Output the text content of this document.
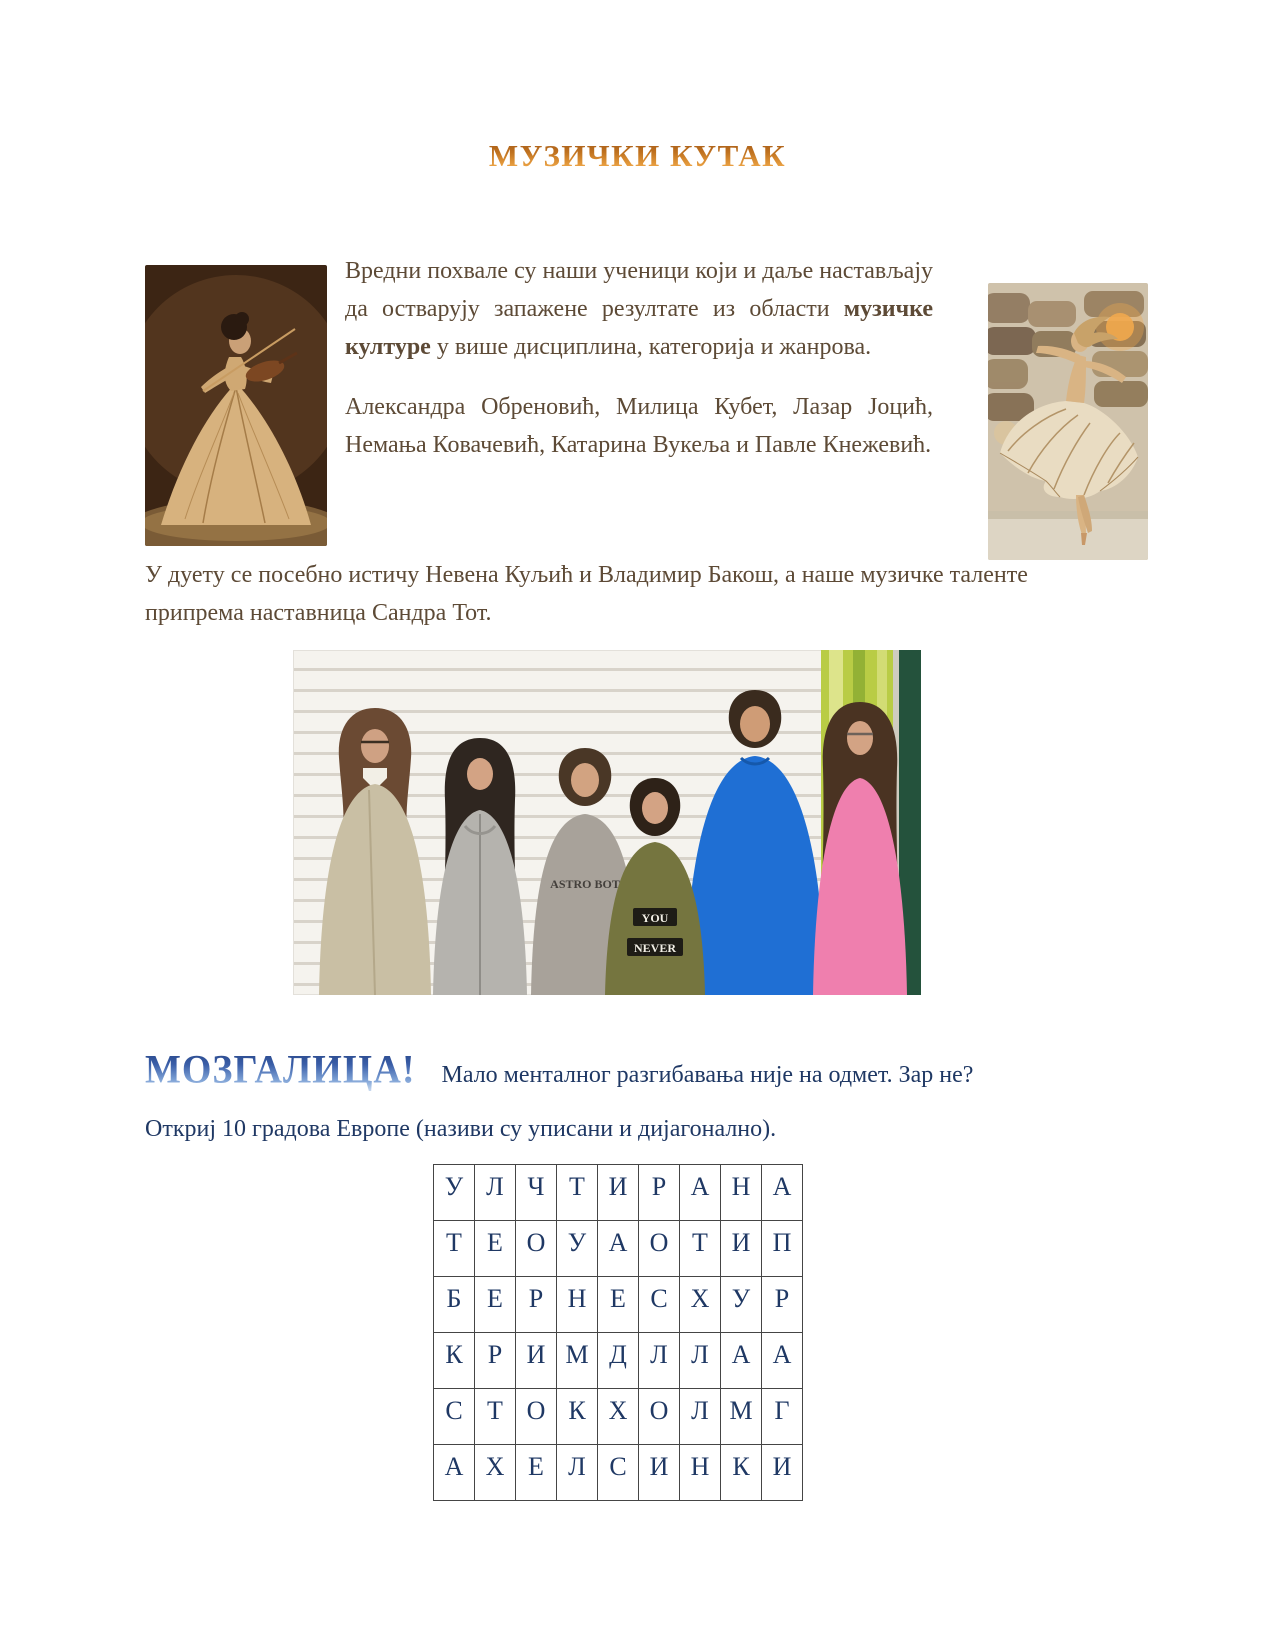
МУЗИЧКИ КУТАК

Вредни похвале су наши ученици који и даље настављају да остварују запажене резултате из области музичке културе у више дисциплина, категорија и жанрова.

Александра Обреновић, Милица Кубет, Лазар Јоцић, Немања Ковачевић, Катарина Вукеља и Павле Кнежевић.

У дуету се посебно истичу Невена Куљић и Владимир Бакош, а наше музичке таленте припрема наставница Сандра Тот.

ASTRO BOT
YOU
NEVER
МОЗГАЛИЦА! Мало менталног разгибавања није на одмет. Зар не?

Откриј 10 градова Европе (називи су уписани и дијагонално).

У	Л	Ч	Т	И	Р	А	Н	А
Т	Е	О	У	А	О	Т	И	П
Б	Е	Р	Н	Е	С	Х	У	Р
К	Р	И	М	Д	Л	Л	А	А
С	Т	О	К	Х	О	Л	М	Г
А	Х	Е	Л	С	И	Н	К	И
